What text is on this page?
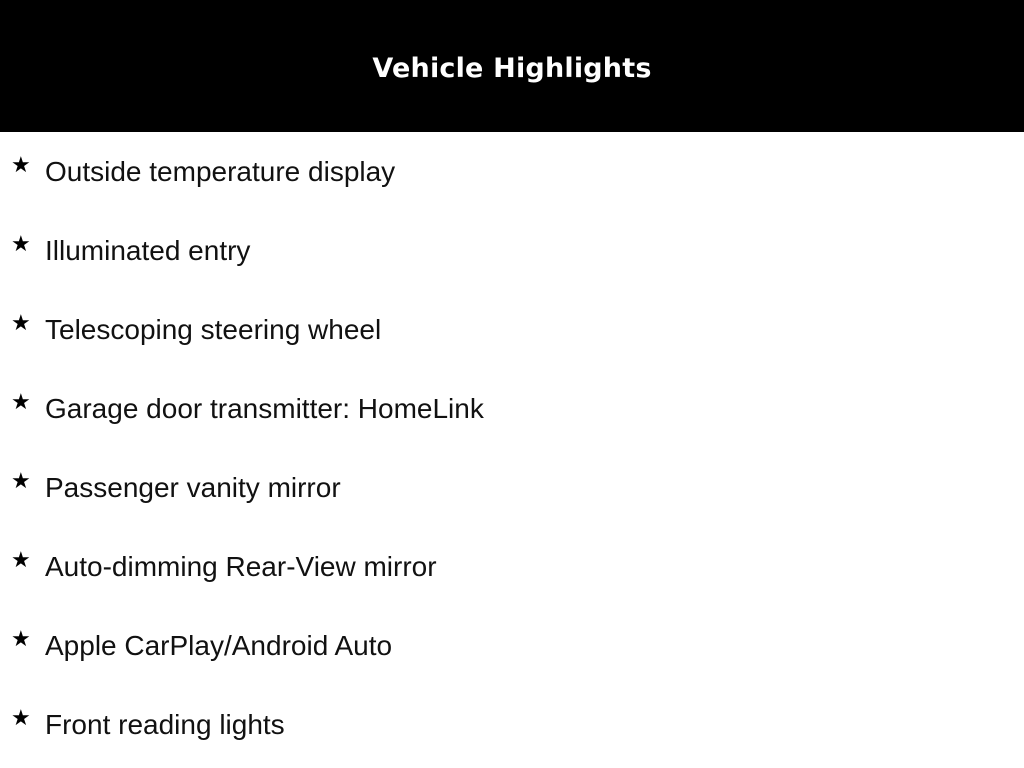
Vehicle Highlights
★ Outside temperature display
★ Illuminated entry
★ Telescoping steering wheel
★ Garage door transmitter: HomeLink
★ Passenger vanity mirror
★ Auto-dimming Rear-View mirror
★ Apple CarPlay/Android Auto
★ Front reading lights
